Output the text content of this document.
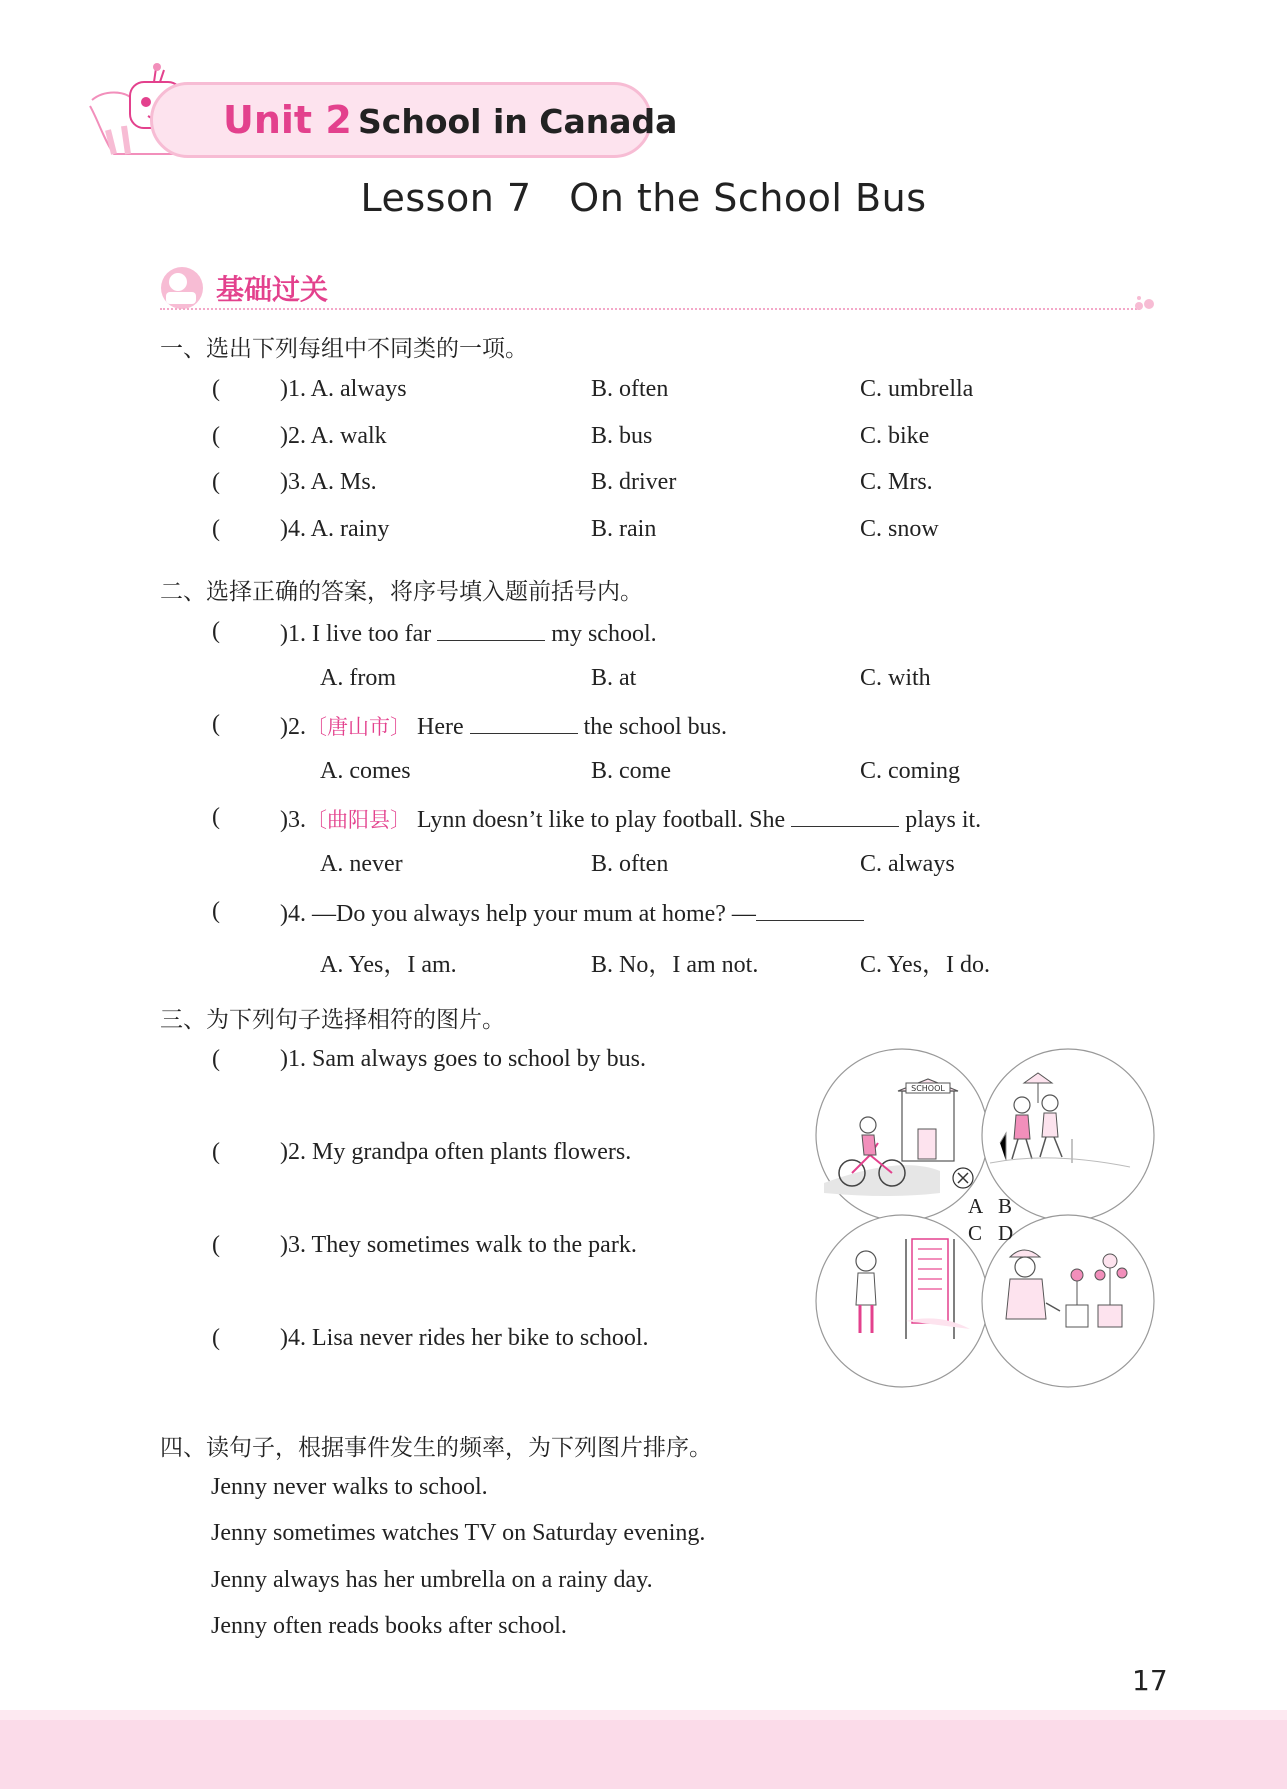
Unit 2 School in Canada
Lesson 7   On the School Bus
基础过关
一、选出下列每组中不同类的一项。
(	)1. A. always	B. often	C. umbrella
(	)2. A. walk	B. bus	C. bike
(	)3. A. Ms.	B. driver	C. Mrs.
(	)4. A. rainy	B. rain	C. snow
二、选择正确的答案，将序号填入题前括号内。
(	)1. I live too far	my school.
A. from	B. at	C. with
(	)2.〔唐山市〕 Here	the school bus.
A. comes	B. come	C. coming
(	)3.〔曲阳县〕 Lynn doesn’t like to play football. She	plays it.
A. never	B. often	C. always
(	)4. —Do you always help your mum at home? —
A. Yes，I am.	B. No，I am not.	C. Yes，I do.
三、为下列句子选择相符的图片。
(	)1. Sam always goes to school by bus.
(	)2. My grandpa often plants flowers.
(	)3. They sometimes walk to the park.
(	)4. Lisa never rides her bike to school.
SCHOOL
A B
C D
四、读句子，根据事件发生的频率，为下列图片排序。
Jenny never walks to school.
Jenny sometimes watches TV on Saturday evening.
Jenny always has her umbrella on a rainy day.
Jenny often reads books after school.
17
